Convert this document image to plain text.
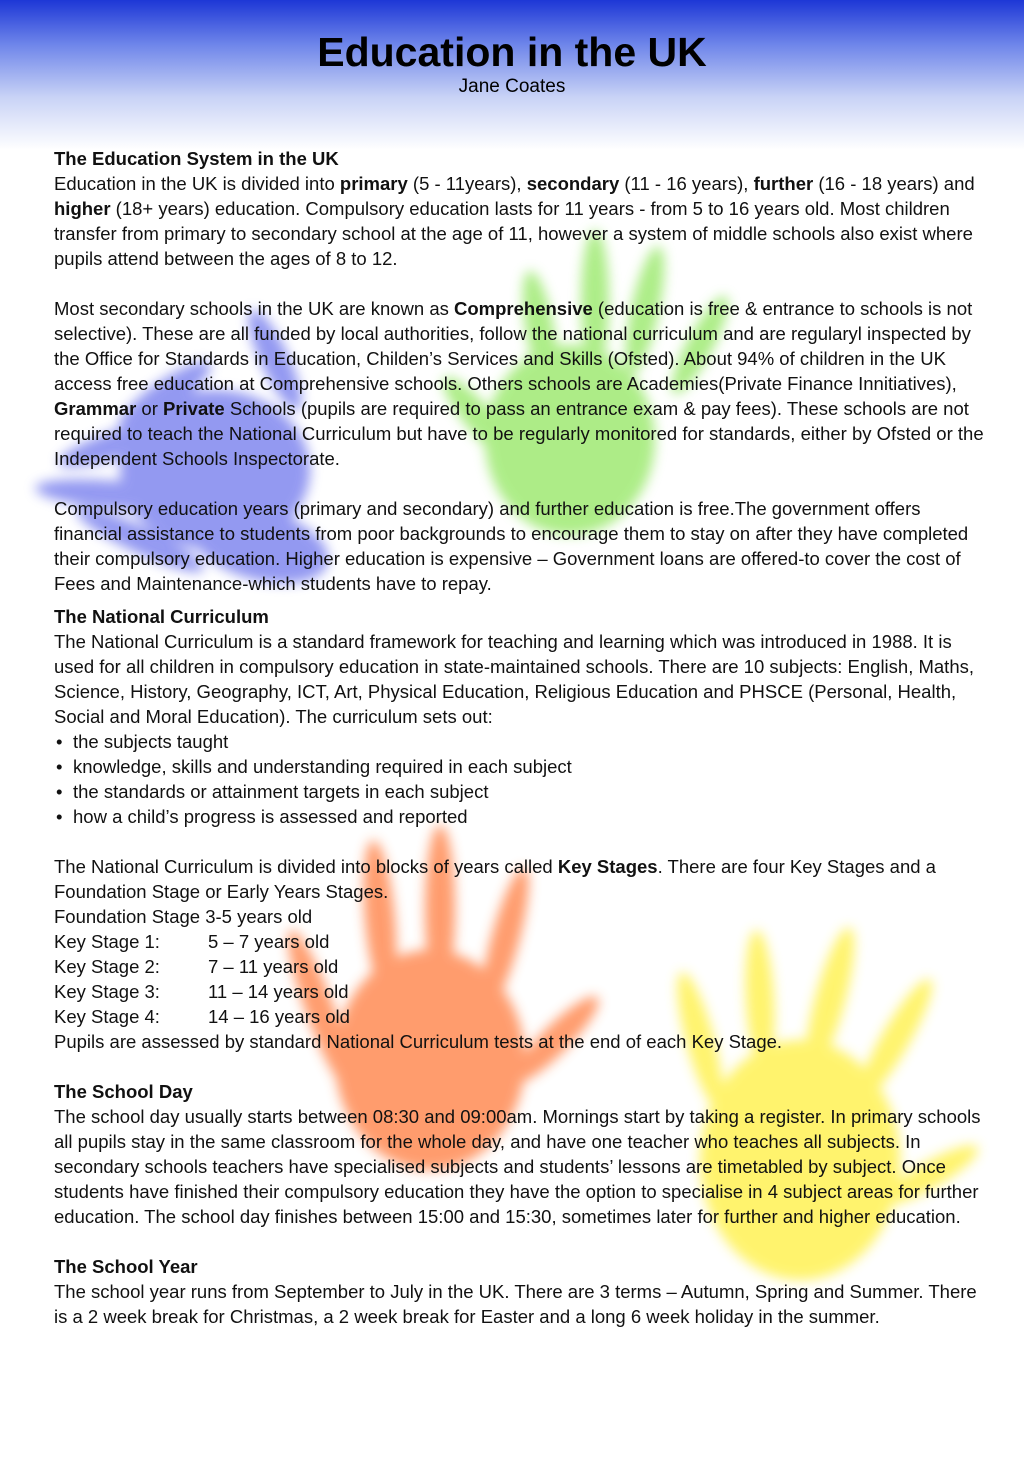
Education in the UK
Jane Coates
The Education System in the UK

Education in the UK is divided into primary (5 - 11years), secondary (11 - 16 years), further (16 - 18 years) and higher (18+ years) education. Compulsory education lasts for 11 years - from 5 to 16 years old. Most children transfer from primary to secondary school at the age of 11, however a system of middle schools also exist where pupils attend between the ages of 8 to 12.

Most secondary schools in the UK are known as Comprehensive (education is free & entrance to schools is not selective). These are all funded by local authorities, follow the national curriculum and are regularyl inspected by the Office for Standards in Education, Childen’s Services and Skills (Ofsted). About 94% of children in the UK access free education at Comprehensive schools. Others schools are Academies(Private Finance Innitiatives), Grammar or Private Schools (pupils are required to pass an entrance exam & pay fees). These schools are not required to teach the National Curriculum but have to be regularly monitored for standards, either by Ofsted or the Independent Schools Inspectorate.

Compulsory education years (primary and secondary) and further education is free.The government offers financial assistance to students from poor backgrounds to encourage them to stay on after they have completed their compulsory education. Higher education is expensive – Government loans are offered-to cover the cost of Fees and Maintenance-which students have to repay.

The National Curriculum

The National Curriculum is a standard framework for teaching and learning which was introduced in 1988. It is used for all children in compulsory education in state-maintained schools. There are 10 subjects: English, Maths, Science, History, Geography, ICT, Art, Physical Education, Religious Education and PHSCE (Personal, Health, Social and Moral Education). The curriculum sets out:

• the subjects taught
• knowledge, skills and understanding required in each subject
• the standards or attainment targets in each subject
• how a child’s progress is assessed and reported

The National Curriculum is divided into blocks of years called Key Stages. There are four Key Stages and a Foundation Stage or Early Years Stages.

Foundation Stage 3-5 years old

Key Stage 1:	5 – 7 years old
Key Stage 2:	7 – 11 years old
Key Stage 3:	11 – 14 years old
Key Stage 4:	14 – 16 years old

Pupils are assessed by standard National Curriculum tests at the end of each Key Stage.

The School Day

The school day usually starts between 08:30 and 09:00am. Mornings start by taking a register. In primary schools all pupils stay in the same classroom for the whole day, and have one teacher who teaches all subjects. In secondary schools teachers have specialised subjects and students’ lessons are timetabled by subject. Once students have finished their compulsory education they have the option to specialise in 4 subject areas for further education. The school day finishes between 15:00 and 15:30, sometimes later for further and higher education.

The School Year

The school year runs from September to July in the UK. There are 3 terms – Autumn, Spring and Summer. There is a 2 week break for Christmas, a 2 week break for Easter and a long 6 week holiday in the summer.
